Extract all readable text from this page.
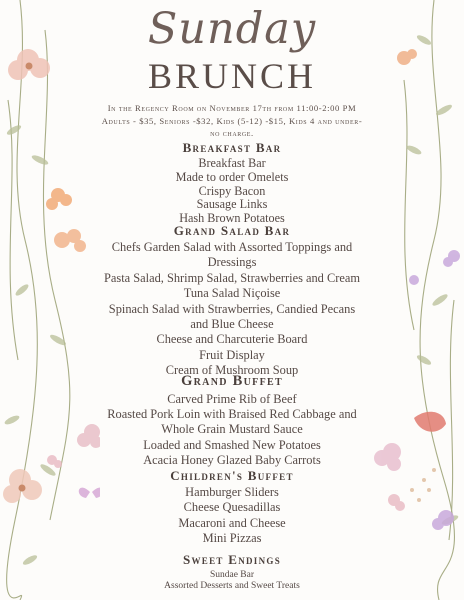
Sunday
BRUNCH
In the Regency Room on November 17th from 11:00-2:00 PM
Adults - $35, Seniors -$32, Kids (5-12) -$15, Kids 4 and under-
no charge.
Breakfast Bar
Breakfast Bar
Made to order Omelets
Crispy Bacon
Sausage Links
Hash Brown Potatoes
Grand Salad Bar
Chefs Garden Salad with Assorted Toppings and
Dressings
Pasta Salad, Shrimp Salad, Strawberries and Cream
Tuna Salad Niçoise
Spinach Salad with Strawberries, Candied Pecans
and Blue Cheese
Cheese and Charcuterie Board
Fruit Display
Cream of Mushroom Soup
Grand Buffet
Carved Prime Rib of Beef
Roasted Pork Loin with Braised Red Cabbage and
Whole Grain Mustard Sauce
Loaded and Smashed New Potatoes
Acacia Honey Glazed Baby Carrots
Children's Buffet
Hamburger Sliders
Cheese Quesadillas
Macaroni and Cheese
Mini Pizzas
Sweet Endings
Sundae Bar
Assorted Desserts and Sweet Treats
